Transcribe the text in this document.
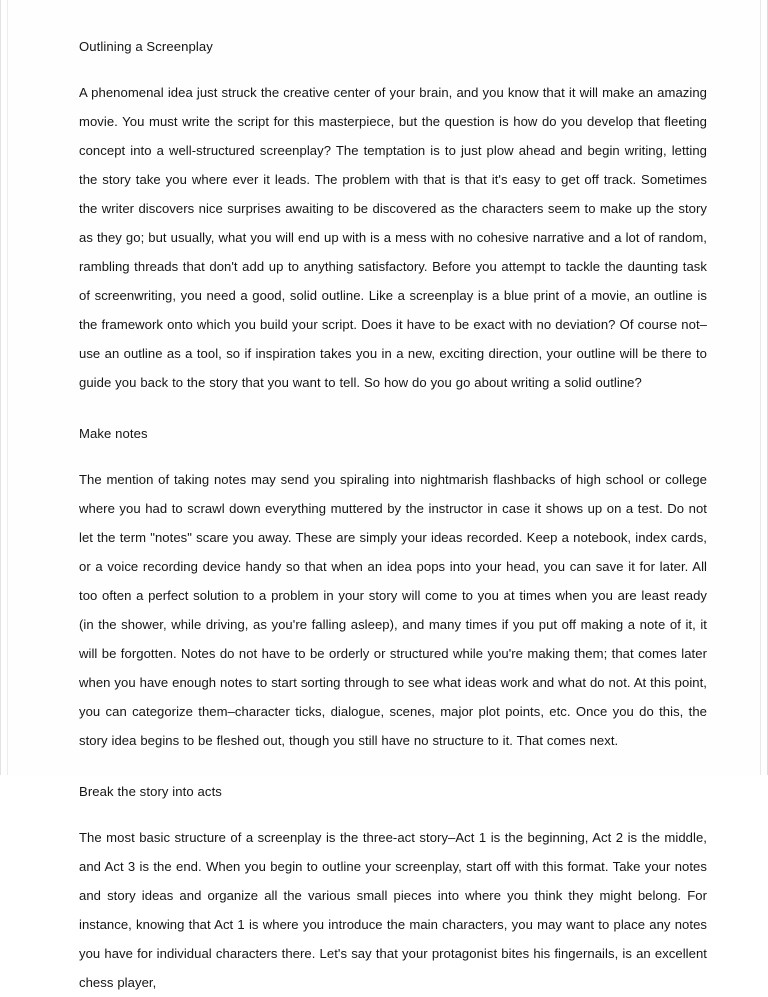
Outlining a Screenplay

A phenomenal idea just struck the creative center of your brain, and you know that it will make an amazing movie. You must write the script for this masterpiece, but the question is how do you develop that fleeting concept into a well-structured screenplay? The temptation is to just plow ahead and begin writing, letting the story take you where ever it leads. The problem with that is that it's easy to get off track. Sometimes the writer discovers nice surprises awaiting to be discovered as the characters seem to make up the story as they go; but usually, what you will end up with is a mess with no cohesive narrative and a lot of random, rambling threads that don't add up to anything satisfactory. Before you attempt to tackle the daunting task of screenwriting, you need a good, solid outline. Like a screenplay is a blue print of a movie, an outline is the framework onto which you build your script. Does it have to be exact with no deviation? Of course not–use an outline as a tool, so if inspiration takes you in a new, exciting direction, your outline will be there to guide you back to the story that you want to tell. So how do you go about writing a solid outline?

Make notes

The mention of taking notes may send you spiraling into nightmarish flashbacks of high school or college where you had to scrawl down everything muttered by the instructor in case it shows up on a test. Do not let the term "notes" scare you away. These are simply your ideas recorded. Keep a notebook, index cards, or a voice recording device handy so that when an idea pops into your head, you can save it for later. All too often a perfect solution to a problem in your story will come to you at times when you are least ready (in the shower, while driving, as you're falling asleep), and many times if you put off making a note of it, it will be forgotten. Notes do not have to be orderly or structured while you're making them; that comes later when you have enough notes to start sorting through to see what ideas work and what do not. At this point, you can categorize them–character ticks, dialogue, scenes, major plot points, etc. Once you do this, the story idea begins to be fleshed out, though you still have no structure to it. That comes next.

Break the story into acts

The most basic structure of a screenplay is the three-act story–Act 1 is the beginning, Act 2 is the middle, and Act 3 is the end. When you begin to outline your screenplay, start off with this format. Take your notes and story ideas and organize all the various small pieces into where you think they might belong. For instance, knowing that Act 1 is where you introduce the main characters, you may want to place any notes you have for individual characters there. Let's say that your protagonist bites his fingernails, is an excellent chess player,
